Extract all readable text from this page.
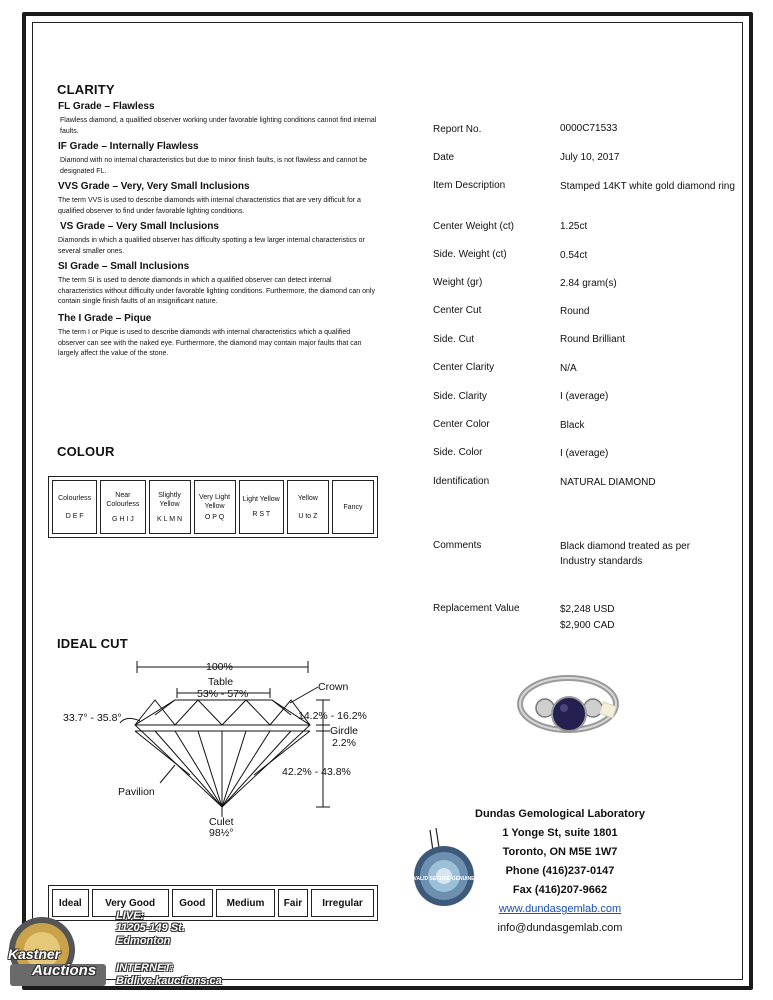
CLARITY
FL Grade – Flawless

Flawless diamond, a qualified observer working under favorable lighting conditions cannot find internal faults.

IF Grade – Internally Flawless

Diamond with no internal characteristics but due to minor finish faults, is not flawless and cannot be designated FL.

VVS Grade – Very, Very Small Inclusions

The term VVS is used to describe diamonds with internal characteristics that are very difficult for a qualified observer to find under favorable lighting conditions.

VS Grade – Very Small Inclusions

Diamonds in which a qualified observer has difficulty spotting a few larger internal characteristics or several smaller ones.

SI Grade – Small Inclusions

The term SI is used to denote diamonds in which a qualified observer can detect internal characteristics without difficulty under favorable lighting conditions. Furthermore, the diamond can only contain single finish faults of an insignificant nature.

The I Grade – Pique

The term I or Pique is used to describe diamonds with internal characteristics which a qualified observer can see with the naked eye. Furthermore, the diamond may contain major faults that can largely affect the value of the stone.

COLOUR
Colourless
D E F

Near Colourless
G H I J

Slightly Yellow
K L M N

Very Light Yellow
O P Q

Light Yellow
R S T

Yellow
U to Z

Fancy
IDEAL CUT
100%
Table
53% - 57%
Crown
33.7° - 35.8°	14.2% - 16.2%
Girdle
2.2%
42.2% - 43.8%
Pavilion
Culet
98½°
Ideal	Very Good	Good	Medium	Fair	Irregular
Report No.	0000C71533
Date	July 10, 2017
Item Description	Stamped 14KT white gold diamond ring
Center Weight (ct)	1.25ct
Side. Weight (ct)	0.54ct
Weight (gr)	2.84 gram(s)
Center Cut	Round
Side. Cut	Round Brilliant
Center Clarity	N/A
Side. Clarity	I (average)
Center Color	Black
Side. Color	I (average)
Identification	NATURAL DIAMOND
Comments	Black diamond treated as per Industry standards
Replacement Value	$2,248 USD
$2,900 CAD
Dundas Gemological Laboratory
1 Yonge St, suite 1801
Toronto, ON M5E 1W7
Phone (416)237-0147
Fax (416)207-9662
www.dundasgemlab.com
info@dundasgemlab.com
VALID SECURE GENUINE
Kastner
Auctions
LIVE:
11205-149 St.
Edmonton
INTERNET:
Bidlive.kauctions.ca
